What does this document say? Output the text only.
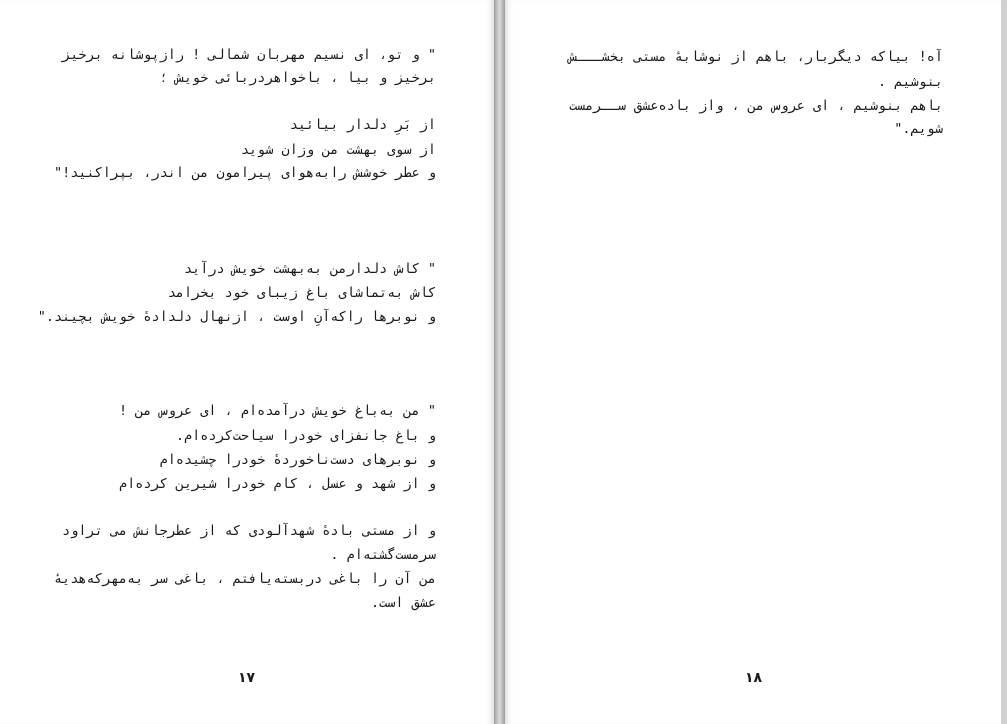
" و تو، ای نسیم مهربان شمالی ! رازپوشانه برخیز
برخیز و بیا ، باخواهردربائی خویش ؛
از بَرِ دلدار بیائید
از سوی بهشت من وزان شوید
و عطر خوشش رابه‌هوای پیرامون من اندر، بپراکنید!"
" کاش دلدارمن به‌بهشت خویش درآید
کاش به‌تماشای باغ زیبای خود بخرامد
و نوبرها راکه‌آنِ اوست ، ازنهال دلداده‌ٔ خویش بچیند."
" من به‌باغ خویش درآمده‌ام ، ای عروس من !
و باغ جانفزای خودرا سیاحت‌کرده‌ام.
و نوبرهای دست‌ناخورده‌ٔ خودرا چشیده‌ام
و از شهد و عسل ، کام خودرا شیرین کرده‌ام
و از مستی باده‌ٔ شهدآلودی که از عطرجانش می تراود
سرمست‌گشته‌ام .
من آن را باغی دربسته‌یافتم ، باغی سر به‌مهرکه‌هدیهٔ
عشق است.
۱۷
آه! بیاکه دیگربار، باهم از نوشابه‌ٔ مستی بخشـــش
بنوشیم .
باهم بنوشیم ، ای عروس من ، واز باده‌عشق ســرمست
شویم."
۱۸
